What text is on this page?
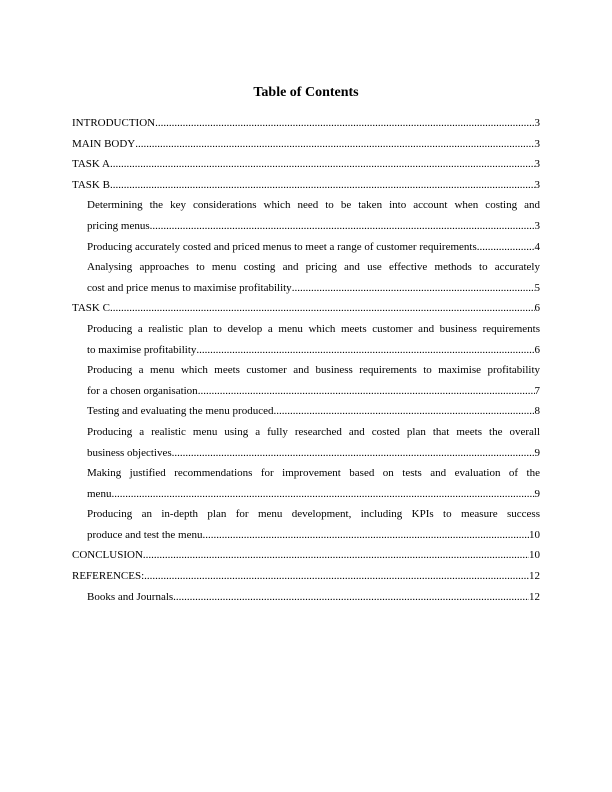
Table of Contents
INTRODUCTION .....	3
MAIN BODY .....	3
TASK A .....	3
TASK B .....	3
Determining the key considerations which need to be taken into account when costing and
pricing menus .....	3
Producing accurately costed and priced menus to meet a range of customer requirements. .....	4
Analysing approaches to menu costing and pricing and use effective methods to accurately
cost and price menus to maximise profitability .....	5
TASK C .....	6
Producing a realistic plan to develop a menu which meets customer and business requirements
to maximise profitability .....	6
Producing a menu which meets customer and business requirements to maximise profitability
for a chosen organisation .....	7
Testing and evaluating the menu produced .....	8
Producing a realistic menu using a fully researched and costed plan that meets the overall
business objectives .....	9
Making justified recommendations for improvement based on tests and evaluation of the
menu .....	9
Producing an in-depth plan for menu development, including KPIs to measure success
produce and test the menu .....	10
CONCLUSION .....	10
REFERENCES: .....	12
Books and Journals .....	12
